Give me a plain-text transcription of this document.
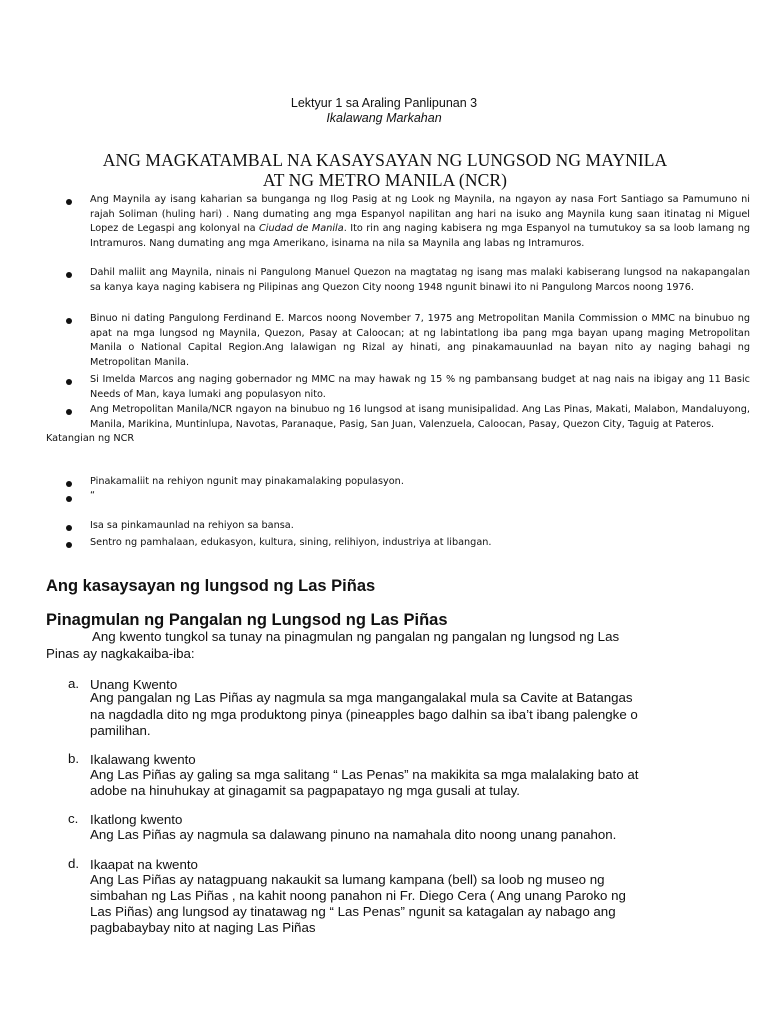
Lektyur 1 sa Araling Panlipunan 3
Ikalawang Markahan
ANG MAGKATAMBAL NA KASAYSAYAN NG LUNGSOD NG MAYNILA
AT NG METRO MANILA (NCR)

Ang Maynila ay isang kaharian sa bunganga ng Ilog Pasig at ng Look ng Maynila, na ngayon ay nasa Fort Santiago sa Pamumuno ni rajah Soliman (huling hari) . Nang dumating ang mga Espanyol napilitan ang hari na isuko ang Maynila kung saan itinatag ni Miguel Lopez de Legaspi ang kolonyal na Ciudad de Manila. Ito rin ang naging kabisera ng mga Espanyol na tumutukoy sa sa loob lamang ng Intramuros. Nang dumating ang mga Amerikano, isinama na nila sa Maynila ang labas ng Intramuros.

Dahil maliit ang Maynila, ninais ni Pangulong Manuel Quezon na magtatag ng isang mas malaki kabiserang lungsod na nakapangalan sa kanya kaya naging kabisera ng Pilipinas ang Quezon City noong 1948 ngunit binawi ito ni Pangulong Marcos noong 1976.

Binuo ni dating Pangulong Ferdinand E. Marcos noong November 7, 1975 ang Metropolitan Manila Commission o MMC na binubuo ng apat na mga lungsod ng Maynila, Quezon, Pasay at Caloocan; at ng labintatlong iba pang mga bayan upang maging Metropolitan Manila o National Capital Region.Ang lalawigan ng Rizal ay hinati, ang pinakamauunlad na bayan nito ay naging bahagi ng Metropolitan Manila.

Si Imelda Marcos ang naging gobernador ng MMC na may hawak ng 15 % ng pambansang budget at nag nais na ibigay ang 11 Basic Needs of Man, kaya lumaki ang populasyon nito.

Ang Metropolitan Manila/NCR ngayon na binubuo ng 16 lungsod at isang munisipalidad. Ang Las Pinas, Makati, Malabon, Mandaluyong, Manila, Marikina, Muntinlupa, Navotas, Paranaque, Pasig, San Juan, Valenzuela, Caloocan, Pasay, Quezon City, Taguig at Pateros.

Katangian ng NCR
Pinakamaliit na rehiyon ngunit may pinakamalaking populasyon.
“
Isa sa pinkamaunlad na rehiyon sa bansa.
Sentro ng pamhalaan, edukasyon, kultura, sining, relihiyon, industriya at libangan.
Ang kasaysayan ng lungsod ng Las Piñas
Pinagmulan ng Pangalan ng Lungsod ng Las Piñas
Ang kwento tungkol sa tunay na pinagmulan ng pangalan ng pangalan ng lungsod ng Las
Pinas ay nagkakaiba-iba:
a. Unang Kwento
Ang pangalan ng Las Piñas ay nagmula sa mga mangangalakal mula sa Cavite at Batangas
na nagdadla dito ng mga produktong pinya (pineapples bago dalhin sa iba’t ibang palengke o
pamilihan.
b. Ikalawang kwento
Ang Las Piñas ay galing sa mga salitang “ Las Penas” na makikita sa mga malalaking bato at
adobe na hinuhukay at ginagamit sa pagpapatayo ng mga gusali at tulay.
c. Ikatlong kwento
Ang Las Piñas ay nagmula sa dalawang pinuno na namahala dito noong unang panahon.
d. Ikaapat na kwento
Ang Las Piñas ay natagpuang nakaukit sa lumang kampana (bell) sa loob ng museo ng
simbahan ng Las Piñas , na kahit noong panahon ni Fr. Diego Cera ( Ang unang Paroko ng
Las Piñas) ang lungsod ay tinatawag ng “ Las Penas” ngunit sa katagalan ay nabago ang
pagbabaybay nito at naging Las Piñas
